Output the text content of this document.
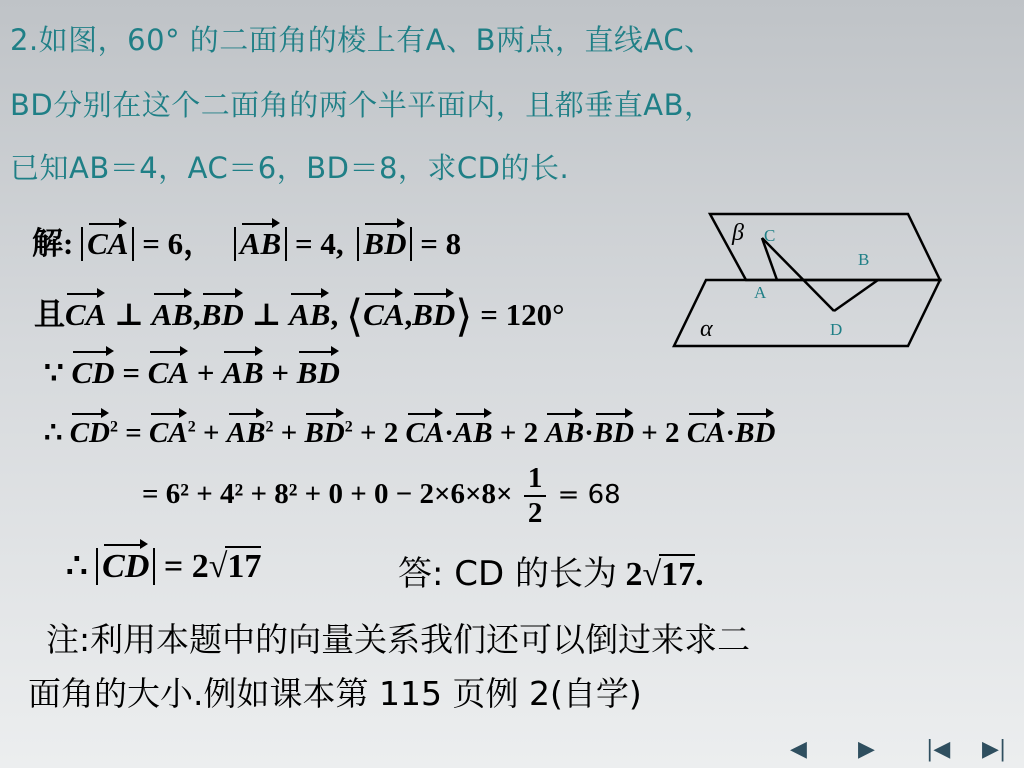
2.如图，60° 的二面角的棱上有A、B两点，直线AC、
BD分别在这个二面角的两个半平面内，且都垂直AB，
已知AB＝4，AC＝6，BD＝8，求CD的长.
β
α
C
B
A
D
解: CA = 6， AB = 4, BD = 8
且CA ⊥ AB,BD ⊥ AB, ⟨CA,BD⟩ = 120°
∵ CD = CA + AB + BD
∴ $CD^2 = CA^2 + AB^2 + BD^2 + 2$ CA·AB + 2 AB·BD + 2 CA·BD
= $6^2 + 4^2 + 8^2 + 0 + 0 - 2\times 6\times 8\times \frac{1}{2} = 68$
∴ CD = 2√17	答: CD 的长为 2√17.
注:利用本题中的向量关系我们还可以倒过来求二
面角的大小.例如课本第 115 页例 2(自学)
◀ ▶ |◀ ▶|
